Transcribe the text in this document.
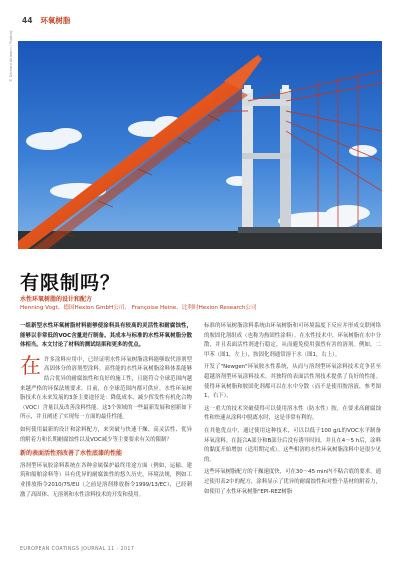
44 环氧树脂
© Gerhard Altmann / Pixabay
有限制吗？
水性环氧树脂的设计和配方
Henning Vogt、德国Hexion GmbH公司， Françoise Heine、比利时Hexion Research公司

一组新型水性环氧树脂材料能够使涂料具有较高的灵活性和耐腐蚀性，能够以非常低的VOC含量进行制备。其成本与标准的水性环氧树脂分散体相当。本文讨论了材料的测试结果和更多的优点。

在许多涂料应用中，已经证明水性环氧树脂涂料能够取代溶剂型高固体分的溶剂型涂料。高性能的水性环氧树脂涂料体系能够结合优异的耐腐蚀性和良好的施工性，且能符合全球范围内越来越严格的环保法规要求。目前，在全球范围内都可供应。水性环氧树脂技术在未来发展的3条主要途径是：降低成本、减少挥发性有机化合物（VOC）含量以及改善涂料性能。这3个领域的一些最新发展和创新如下所示，并且阐述了实现每一方面的最佳性能。

如何使用最新的设计和涂料配方，来突破与快速干燥、高灵活性、优异的附着力和长期耐腐蚀性以及VOC减少等主要要求有关的限制？

新的表面活性剂改善了水性底漆的性能

溶剂型环氧胶涂料系统在各种金属保护最终用途方面（例如，运输、建筑和船舶涂料等）具有优异的耐腐蚀性的悠久历史，环境法规，例如工业排放指令2010/75/EU（之前是溶剂排放指令1999/13/EC），已经刺激了高固体、无溶剂和水性涂料技术的开发和使用。

标准的环氧树脂涂料系统由环氧树脂和可环境温度下反应并形成交联网络的胺固化剂组成（也称为热固性涂料）。在水性技术中，环氧树脂在水中分散，并且表面活性剂进行稳定，从而避免使用强烈有害的溶剂。例如，二甲苯（图1，左上），胺固化剂通常溶于水（图1，右上）。

开发了"Newgen"环氧胺水性系统，从而与溶剂型环氧涂料技术竞争甚至超越溶剂型环氧涂料技术。其独特的表面活性剂技术提供了良好的性能。使得环氧树脂和胺固化剂都可以在水中分散（而不是使用胺溶液，参考图1，右下）。

这一重大的技术突破使得可以使用溶水性（防水性）胺，在要求高耐腐蚀性和快速从涂料中脱离水时，这是非常有利的。

在其他优点中，通过使用这种技术，可以以低于100 g/L的VOC水平制备环氧涂料。在混合A部分和B部分后没有诱导时间，并且在4～5 h后，涂料的黏度开始增加（适用期完成）。这些相溶的水性环氧树脂涂料中是很少见的。

这些环氧树脂配方的干燥速度快，可在30～45 min内不粘合底的要求。通过使用表2中的配方，涂料显示了优异的耐腐蚀性和对整个基材的附着力，如使用了水性环氧树脂"EPI-REZ树脂

EUROPEAN COATINGS JOURNAL 11 - 2017
